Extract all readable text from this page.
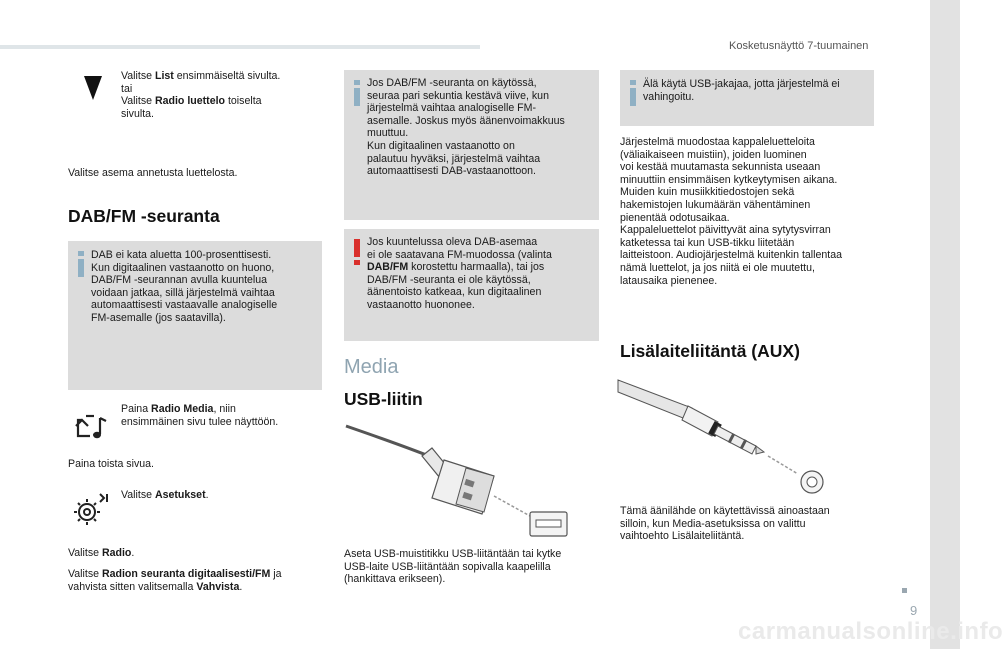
Kosketusnäyttö 7-tuumainen
Valitse List ensimmäiseltä sivulta.
tai
Valitse Radio luettelo toiselta
sivulta.
Valitse asema annetusta luettelosta.
DAB/FM -seuranta
DAB ei kata aluetta 100-prosenttisesti.
Kun digitaalinen vastaanotto on huono,
DAB/FM -seurannan avulla kuuntelua
voidaan jatkaa, sillä järjestelmä vaihtaa
automaattisesti vastaavalle analogiselle
FM-asemalle (jos saatavilla).
Paina Radio Media, niin
ensimmäinen sivu tulee näyttöön.
Paina toista sivua.
Valitse Asetukset.
Valitse Radio.
Valitse Radion seuranta digitaalisesti/FM ja
vahvista sitten valitsemalla Vahvista.
Jos DAB/FM -seuranta on käytössä,
seuraa pari sekuntia kestävä viive, kun
järjestelmä vaihtaa analogiselle FM-
asemalle. Joskus myös äänenvoimakkuus
muuttuu.
Kun digitaalinen vastaanotto on
palautuu hyväksi, järjestelmä vaihtaa
automaattisesti DAB-vastaanottoon.
Jos kuuntelussa oleva DAB-asemaa
ei ole saatavana FM-muodossa (valinta
DAB/FM korostettu harmaalla), tai jos
DAB/FM -seuranta ei ole käytössä,
äänentoisto katkeaa, kun digitaalinen
vastaanotto huononee.
Media
USB-liitin
Aseta USB-muistitikku USB-liitäntään tai kytke
USB-laite USB-liitäntään sopivalla kaapelilla
(hankittava erikseen).
Älä käytä USB-jakajaa, jotta järjestelmä ei
vahingoitu.
Järjestelmä muodostaa kappaleluetteloita
(väliaikaiseen muistiin), joiden luominen
voi kestää muutamasta sekunnista useaan
minuuttiin ensimmäisen kytkeytymisen aikana.
Muiden kuin musiikkitiedostojen sekä
hakemistojen lukumäärän vähentäminen
pienentää odotusaikaa.
Kappaleluettelot päivittyvät aina sytytysvirran
katketessa tai kun USB-tikku liitetään
laitteistoon. Audiojärjestelmä kuitenkin tallentaa
nämä luettelot, ja jos niitä ei ole muutettu,
latausaika pienenee.
Lisälaiteliitäntä (AUX)
Tämä äänilähde on käytettävissä ainoastaan
silloin, kun Media-asetuksissa on valittu
vaihtoehto Lisälaiteliitäntä.
9
carmanualsonline.info
